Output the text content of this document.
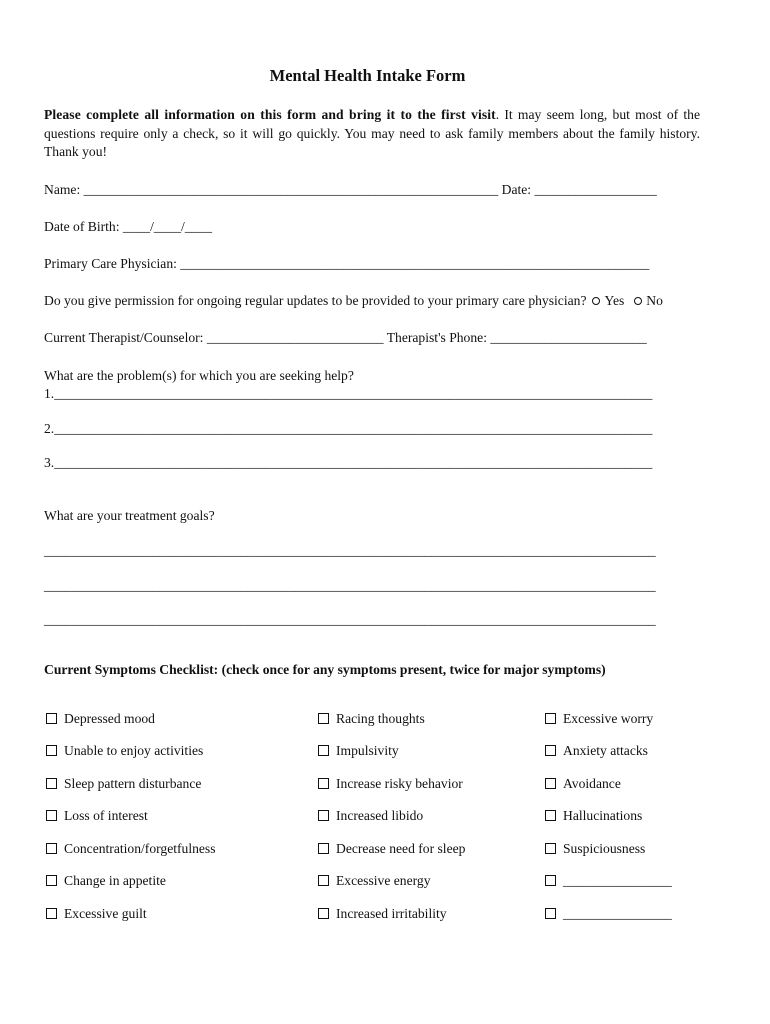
Mental Health Intake Form
Please complete all information on this form and bring it to the first visit. It may seem long, but most of the questions require only a check, so it will go quickly. You may need to ask family members about the family history. Thank you!
Name: _____________________________________________________________ Date: __________________
Date of Birth: ____/____/____
Primary Care Physician: _____________________________________________________________________
Do you give permission for ongoing regular updates to be provided to your primary care physician? Yes No
Current Therapist/Counselor: __________________________ Therapist's Phone: _______________________
What are the problem(s) for which you are seeking help?
1.________________________________________________________________________________________
2.________________________________________________________________________________________
3.________________________________________________________________________________________
What are your treatment goals?
__________________________________________________________________________________________
__________________________________________________________________________________________
__________________________________________________________________________________________
Current Symptoms Checklist: (check once for any symptoms present, twice for major symptoms)
Depressed mood
Unable to enjoy activities
Sleep pattern disturbance
Loss of interest
Concentration/forgetfulness
Change in appetite
Excessive guilt
Racing thoughts
Impulsivity
Increase risky behavior
Increased libido
Decrease need for sleep
Excessive energy
Increased irritability
Excessive worry
Anxiety attacks
Avoidance
Hallucinations
Suspiciousness
________________
________________
